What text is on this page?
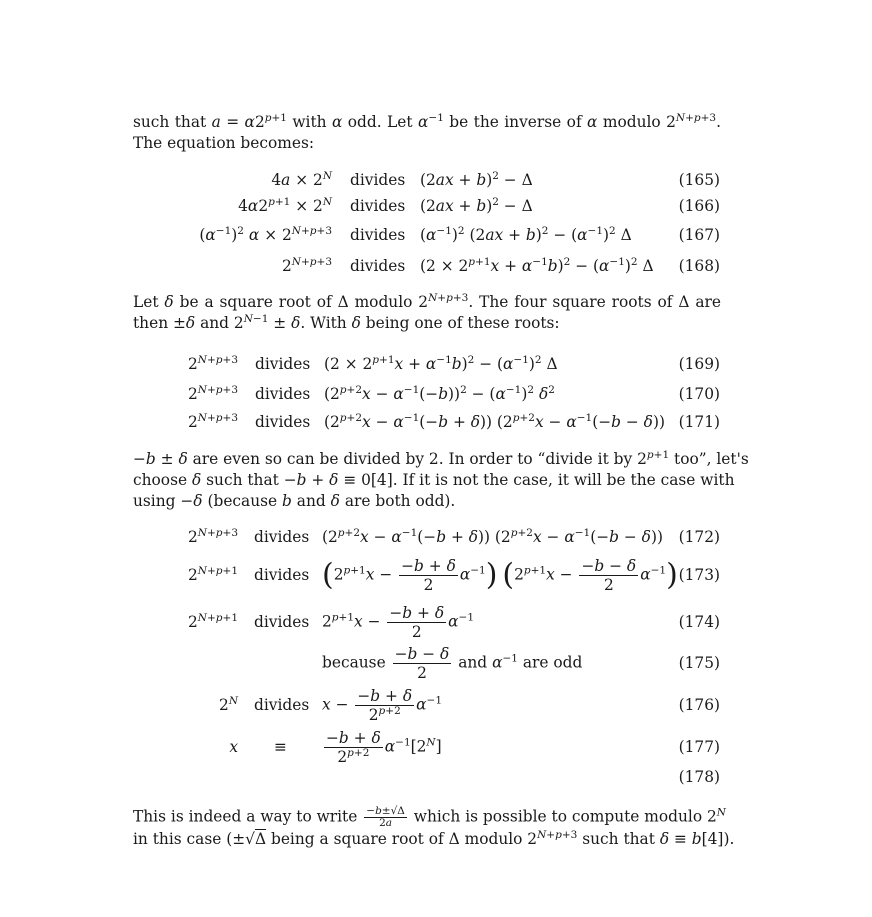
such that $a = \alpha 2^{p+1}$ with α odd. Let $\alpha^{-1}$ be the inverse of α modulo $2^{N+p+3}$.
The equation becomes:
$4a \times 2^N$ divides $(2ax + b)^2 - \Delta$	(165)
$4\alpha 2^{p+1} \times 2^N$ divides $(2ax + b)^2 - \Delta$	(166)
$(\alpha^{-1})^2$ $\alpha \times 2^{N+p+3}$ divides $(\alpha^{-1})^2$ $(2ax + b)^2 - (\alpha^{-1})^2$ Δ	(167)
$2^{N+p+3}$ divides $(2 \times 2^{p+1}x + \alpha^{-1}b)^2 - (\alpha^{-1})^2$ Δ	(168)
Let δ be a square root of Δ modulo $2^{N+p+3}$. The four square roots of Δ are
then ±δ and $2^{N-1} \pm \delta$. With δ being one of these roots:
$2^{N+p+3}$ divides $(2 \times 2^{p+1}x + \alpha^{-1}b)^2 - (\alpha^{-1})^2$ Δ	(169)
$2^{N+p+3}$ divides $(2^{p+2}x - \alpha^{-1}(-b))^2 - (\alpha^{-1})^2$ $\delta^2$	(170)
$2^{N+p+3}$ divides $(2^{p+2}x - \alpha^{-1}(-b + \delta)) (2^{p+2}x - \alpha^{-1}(-b - \delta))$ (171)
−b ± δ are even so can be divided by 2. In order to “divide it by $2^{p+1}$ too”, let's
choose δ such that −b + δ ≡ 0[4]. If it is not the case, it will be the case with
using −δ (because b and δ are both odd).
$2^{N+p+3}$ divides $(2^{p+2}x - \alpha^{-1}(-b + \delta)) (2^{p+2}x - \alpha^{-1}(-b - \delta))$	(172)
$2^{N+p+1}$ divides $(2^{p+1}x - \frac{-b + \delta}{2} \alpha^{-1}) (2^{p+1}x - \frac{-b - \delta}{2} \alpha^{-1})$ (173)
$2^{N+p+1}$ divides $2^{p+1}x - \frac{-b + \delta}{2} \alpha^{-1}$	(174)
because $\frac{-b - \delta}{2}$ and $\alpha^{-1}$ are odd	(175)
$2^N$ divides $x - \frac{-b + \delta}{2^{p+2}} \alpha^{-1}$	(176)
$x \equiv \frac{-b + \delta}{2^{p+2}} \alpha^{-1}[2^N]$	(177)
(178)
This is indeed a way to write $\frac{-b\pm√\Delta}{2a}$ which is possible to compute modulo $2^N$
in this case (±√Δ being a square root of Δ modulo $2^{N+p+3}$ such that δ ≡ b[4]).
